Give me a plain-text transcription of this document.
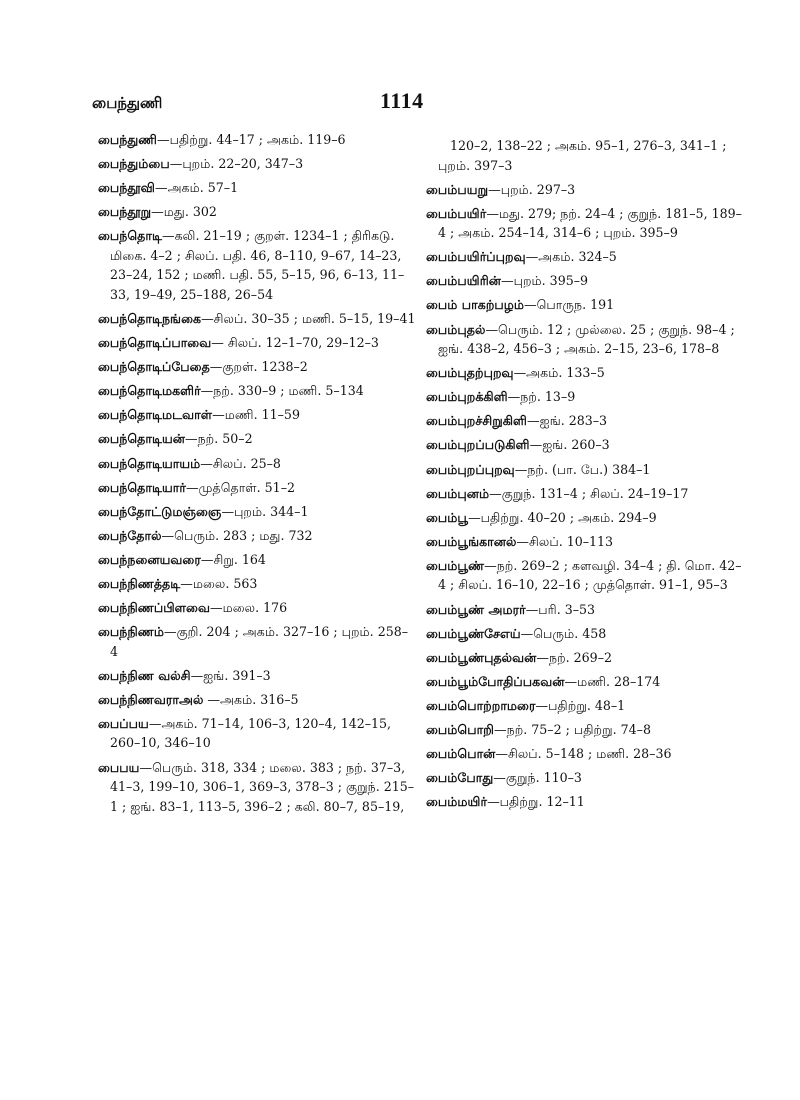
பைந்துணி	1114
பைந்துணி—பதிற்று. 44–17 ; அகம். 119–6
பைந்தும்பை—புறம். 22–20, 347–3
பைந்தூவி—அகம். 57–1
பைந்தூறு—மது. 302
பைந்தொடி—கலி. 21–19 ; குறள். 1234–1 ; திரிகடு. மிகை. 4–2 ; சிலப். பதி. 46, 8–110, 9–67, 14–23, 23–24, 152 ; மணி. பதி. 55, 5–15, 96, 6–13, 11–33, 19–49, 25–188, 26–54
பைந்தொடிநங்கை—சிலப். 30–35 ; மணி. 5–15, 19–41
பைந்தொடிப்பாவை— சிலப். 12–1–70, 29–12–3
பைந்தொடிப்பேதை—குறள். 1238–2
பைந்தொடிமகளிர்—நற். 330–9 ; மணி. 5–134
பைந்தொடிமடவாள்—மணி. 11–59
பைந்தொடியன்—நற். 50–2
பைந்தொடியாயம்—சிலப். 25–8
பைந்தொடியார்—முத்தொள். 51–2
பைந்தோட்டுமஞ்ஞை—புறம். 344–1
பைந்தோல்—பெரும். 283 ; மது. 732
பைந்நனையவரை—சிறு. 164
பைந்நிணத்தடி—மலை. 563
பைந்நிணப்பிளவை—மலை. 176
பைந்நிணம்—குறி. 204 ; அகம். 327–16 ; புறம். 258–4
பைந்நிண வல்சி—ஐங். 391–3
பைந்நிணவராஅல் —அகம். 316–5
பைப்பய—அகம். 71–14, 106–3, 120–4, 142–15, 260–10, 346–10
பைபய—பெரும். 318, 334 ; மலை. 383 ; நற். 37–3, 41–3, 199–10, 306–1, 369–3, 378–3 ; குறுந். 215–1 ; ஐங். 83–1, 113–5, 396–2 ; கலி. 80–7, 85–19,
120–2, 138–22 ; அகம். 95–1, 276–3, 341–1 ; புறம். 397–3
பைம்பயறு—புறம். 297–3
பைம்பயிர்—மது. 279; நற். 24–4 ; குறுந். 181–5, 189–4 ; அகம். 254–14, 314–6 ; புறம். 395–9
பைம்பயிர்ப்புறவு—அகம். 324–5
பைம்பயிரின்—புறம். 395–9
பைம் பாகற்பழம்—பொருந. 191
பைம்புதல்—பெரும். 12 ; முல்லை. 25 ; குறுந். 98–4 ; ஐங். 438–2, 456–3 ; அகம். 2–15, 23–6, 178–8
பைம்புதற்புறவு—அகம். 133–5
பைம்புறக்கிளி—நற். 13–9
பைம்புறச்சிறுகிளி—ஐங். 283–3
பைம்புறப்படுகிளி—ஐங். 260–3
பைம்புறப்புறவு—நற். (பா. பே.) 384–1
பைம்புனம்—குறுந். 131–4 ; சிலப். 24–19–17
பைம்பூ—பதிற்று. 40–20 ; அகம். 294–9
பைம்பூங்கானல்—சிலப். 10–113
பைம்பூண்—நற். 269–2 ; களவழி. 34–4 ; தி. மொ. 42–4 ; சிலப். 16–10, 22–16 ; முத்தொள். 91–1, 95–3
பைம்பூண் அமரர்—பரி. 3–53
பைம்பூண்சேஎய்—பெரும். 458
பைம்பூண்புதல்வன்—நற். 269–2
பைம்பூம்போதிப்பகவன்—மணி. 28–174
பைம்பொற்றாமரை—பதிற்று. 48–1
பைம்பொறி—நற். 75–2 ; பதிற்று. 74–8
பைம்பொன்—சிலப். 5–148 ; மணி. 28–36
பைம்போது—குறுந். 110–3
பைம்மயிர்—பதிற்று. 12–11
